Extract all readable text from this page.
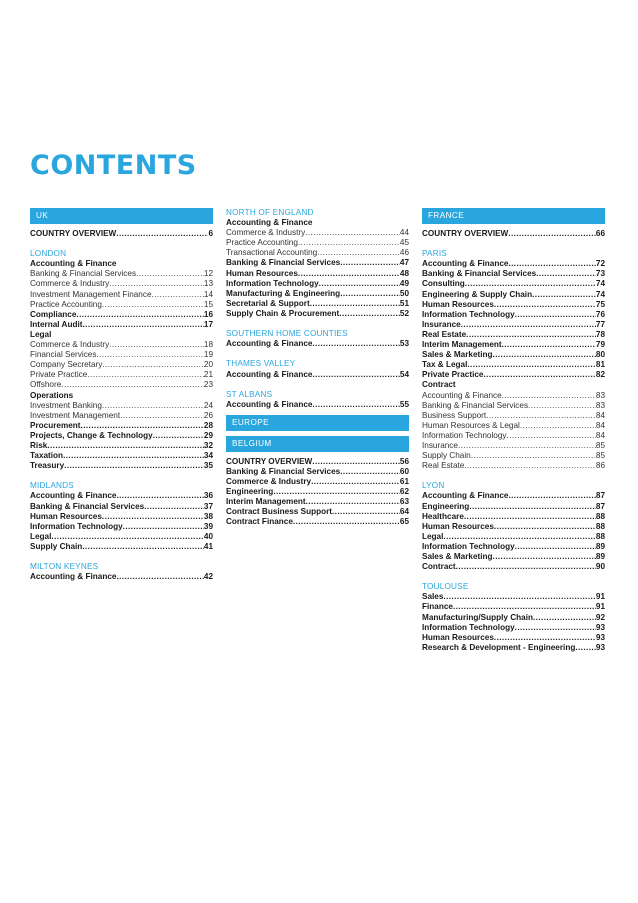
CONTENTS
UK
COUNTRY OVERVIEW .....	6
LONDON
Accounting & Finance
Banking & Financial Services .....	12
Commerce & Industry .....	13
Investment Management Finance .....	14
Practice Accounting .....	15
Compliance .....	16
Internal Audit .....	17
Legal
Commerce & Industry .....	18
Financial Services .....	19
Company Secretary .....	20
Private Practice .....	21
Offshore .....	23
Operations
Investment Banking .....	24
Investment Management .....	26
Procurement .....	28
Projects, Change & Technology .....	29
Risk .....	32
Taxation .....	34
Treasury .....	35
MIDLANDS
Accounting & Finance .....	36
Banking & Financial Services .....	37
Human Resources .....	38
Information Technology .....	39
Legal .....	40
Supply Chain .....	41
MILTON KEYNES
Accounting & Finance .....	42
NORTH OF ENGLAND
Accounting & Finance
Commerce & Industry .....	44
Practice Accounting .....	45
Transactional Accounting .....	46
Banking & Financial Services .....	47
Human Resources .....	48
Information Technology .....	49
Manufacturing & Engineering .....	50
Secretarial & Support .....	51
Supply Chain & Procurement .....	52
SOUTHERN HOME COUNTIES
Accounting & Finance .....	53
THAMES VALLEY
Accounting & Finance .....	54
ST ALBANS
Accounting & Finance .....	55
EUROPE
BELGIUM
COUNTRY OVERVIEW .....	56
Banking & Financial Services .....	60
Commerce & Industry .....	61
Engineering .....	62
Interim Management .....	63
Contract Business Support .....	64
Contract Finance .....	65
FRANCE
COUNTRY OVERVIEW .....	66
PARIS
Accounting & Finance .....	72
Banking & Financial Services .....	73
Consulting .....	74
Engineering & Supply Chain .....	74
Human Resources .....	75
Information Technology .....	76
Insurance .....	77
Real Estate .....	78
Interim Management .....	79
Sales & Marketing .....	80
Tax & Legal .....	81
Private Practice .....	82
Contract
Accounting & Finance .....	83
Banking & Financial Services .....	83
Business Support .....	84
Human Resources & Legal .....	84
Information Technology .....	84
Insurance .....	85
Supply Chain .....	85
Real Estate .....	86
LYON
Accounting & Finance .....	87
Engineering .....	87
Healthcare .....	88
Human Resources .....	88
Legal .....	88
Information Technology .....	89
Sales & Marketing .....	89
Contract .....	90
TOULOUSE
Sales .....	91
Finance .....	91
Manufacturing/Supply Chain .....	92
Information Technology .....	93
Human Resources .....	93
Research & Development - Engineering .....	93
